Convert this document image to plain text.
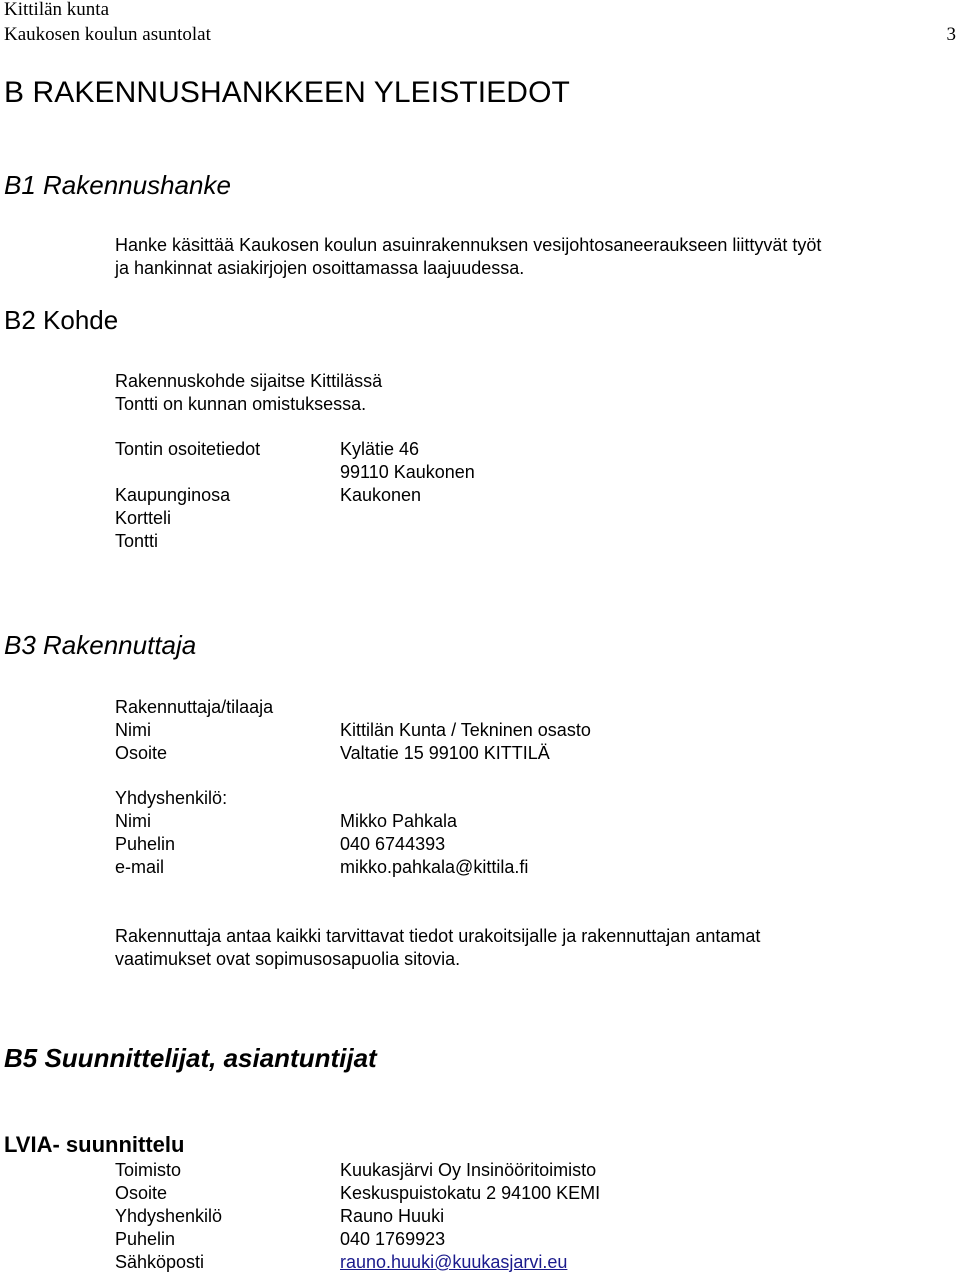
Kittilän kunta
Kaukosen koulun asuntolat	3
B RAKENNUSHANKKEEN YLEISTIEDOT
B1 Rakennushanke
Hanke käsittää Kaukosen koulun asuinrakennuksen vesijohtosaneeraukseen liittyvät työt
ja hankinnat asiakirjojen osoittamassa laajuudessa.
B2 Kohde
Rakennuskohde sijaitse Kittilässä
Tontti on kunnan omistuksessa.
Tontin osoitetiedot	Kylätie 46
99110 Kaukonen
Kaupunginosa	Kaukonen
Kortteli
Tontti
B3 Rakennuttaja
Rakennuttaja/tilaaja
Nimi	Kittilän Kunta / Tekninen osasto
Osoite	Valtatie 15 99100 KITTILÄ
Yhdyshenkilö:
Nimi	Mikko Pahkala
Puhelin	040 6744393
e-mail	mikko.pahkala@kittila.fi
Rakennuttaja antaa kaikki tarvittavat tiedot urakoitsijalle ja rakennuttajan antamat
vaatimukset ovat sopimusosapuolia sitovia.
B5 Suunnittelijat, asiantuntijat
LVIA- suunnittelu
Toimisto	Kuukasjärvi Oy Insinööritoimisto
Osoite	Keskuspuistokatu 2 94100 KEMI
Yhdyshenkilö	Rauno Huuki
Puhelin	040 1769923
Sähköposti	rauno.huuki@kuukasjarvi.eu
